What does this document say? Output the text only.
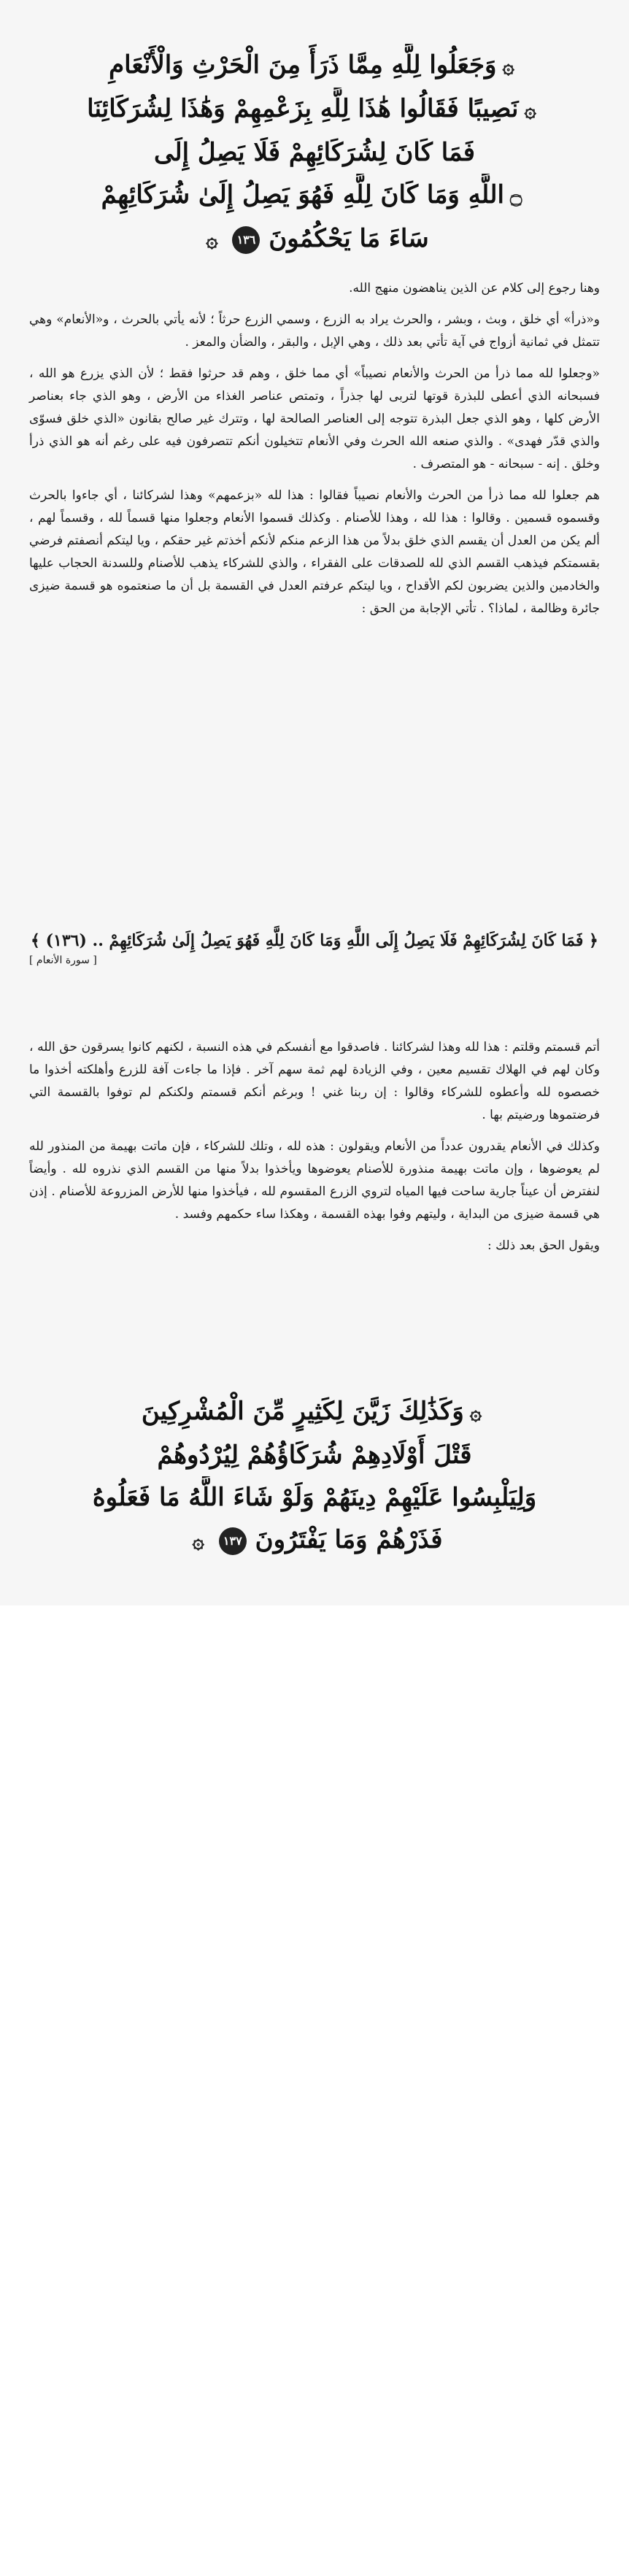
۞وَجَعَلُوا لِلَّهِ مِمَّا ذَرَأَ مِنَ الْحَرْثِ وَالْأَنْعَامِ
۞نَصِيبًا فَقَالُوا هَٰذَا لِلَّهِ بِزَعْمِهِمْ وَهَٰذَا لِشُرَكَائِنَا
فَمَا كَانَ لِشُرَكَائِهِمْ فَلَا يَصِلُ إِلَى
۝اللَّهِ وَمَا كَانَ لِلَّهِ فَهُوَ يَصِلُ إِلَىٰ شُرَكَائِهِمْ
سَاءَ مَا يَحْكُمُونَ ١٣٦ ۞

وهنا رجوع إلى كلام عن الذين يناهضون منهج الله.

و«ذرأ» أي خلق ، وبث ، وبشر ، والحرث يراد به الزرع ، وسمي الزرع حرثاً ؛ لأنه يأتي بالحرث ، و«الأنعام» وهي تتمثل في ثمانية أزواج في آية تأتي بعد ذلك ، وهي الإبل ، والبقر ، والضأن والمعز .

«وجعلوا لله مما ذرأ من الحرث والأنعام نصيباً» أي مما خلق ، وهم قد حرثوا فقط ؛ لأن الذي يزرع هو الله ، فسبحانه الذي أعطى للبذرة قوتها لتربى لها جذراً ، وتمتص عناصر الغذاء من الأرض ، وهو الذي جاء بعناصر الأرض كلها ، وهو الذي جعل البذرة تتوجه إلى العناصر الصالحة لها ، وتترك غير صالح بقانون «الذي خلق فسوّى والذي قدّر فهدى» . والذي صنعه الله الحرث وفي الأنعام تتخيلون أنكم تتصرفون فيه على رغم أنه هو الذي ذرأ وخلق . إنه - سبحانه - هو المتصرف .

هم جعلوا لله مما ذرأ من الحرث والأنعام نصيباً فقالوا : هذا لله «بزعمهم» وهذا لشركائنا ، أي جاءوا بالحرث وقسموه قسمين . وقالوا : هذا لله ، وهذا للأصنام . وكذلك قسموا الأنعام وجعلوا منها قسماً لله ، وقسماً لهم ، ألم يكن من العدل أن يقسم الذي خلق بدلاً من هذا الزعم منكم لأنكم أخذتم غير حقكم ، ويا ليتكم أنصفتم فرضي بقسمتكم فيذهب القسم الذي لله للصدقات على الفقراء ، والذي للشركاء يذهب للأصنام وللسدنة الحجاب عليها والخادمين والذين يضربون لكم الأقداح ، ويا ليتكم عرفتم العدل في القسمة بل أن ما صنعتموه هو قسمة ضيزى جائرة وظالمة ، لماذا؟ . تأتي الإجابة من الحق :

﴿ فَمَا كَانَ لِشُرَكَائِهِمْ فَلَا يَصِلُ إِلَى اللَّهِ وَمَا كَانَ لِلَّهِ فَهُوَ يَصِلُ إِلَىٰ شُرَكَائِهِمْ .. (١٣٦) ﴾
[ سورة الأنعام ]

أتم قسمتم وقلتم : هذا لله وهذا لشركائنا . فاصدقوا مع أنفسكم في هذه النسبة ، لكنهم كانوا يسرقون حق الله ، وكان لهم في الهلاك تقسيم معين ، وفي الزيادة لهم ثمة سهم آخر . فإذا ما جاءت آفة للزرع وأهلكته أخذوا ما خصصوه لله وأعطوه للشركاء وقالوا : إن ربنا غني ! وبرغم أنكم قسمتم ولكنكم لم توفوا بالقسمة التي فرضتموها ورضيتم بها .

وكذلك في الأنعام يقدرون عدداً من الأنعام ويقولون : هذه لله ، وتلك للشركاء ، فإن ماتت بهيمة من المنذور لله لم يعوضوها ، وإن ماتت بهيمة منذورة للأصنام يعوضوها ويأخذوا بدلاً منها من القسم الذي نذروه لله . وأيضاً لنفترض أن عيناً جارية ساحت فيها المياه لتروي الزرع المقسوم لله ، فيأخذوا منها للأرض المزروعة للأصنام . إذن هي قسمة ضيزى من البداية ، وليتهم وفوا بهذه القسمة ، وهكذا ساء حكمهم وفسد .

ويقول الحق بعد ذلك :

۞وَكَذَٰلِكَ زَيَّنَ لِكَثِيرٍ مِّنَ الْمُشْرِكِينَ
قَتْلَ أَوْلَادِهِمْ شُرَكَاؤُهُمْ لِيُرْدُوهُمْ
وَلِيَلْبِسُوا عَلَيْهِمْ دِينَهُمْ وَلَوْ شَاءَ اللَّهُ مَا فَعَلُوهُ
فَذَرْهُمْ وَمَا يَفْتَرُونَ ١٣٧ ۞
